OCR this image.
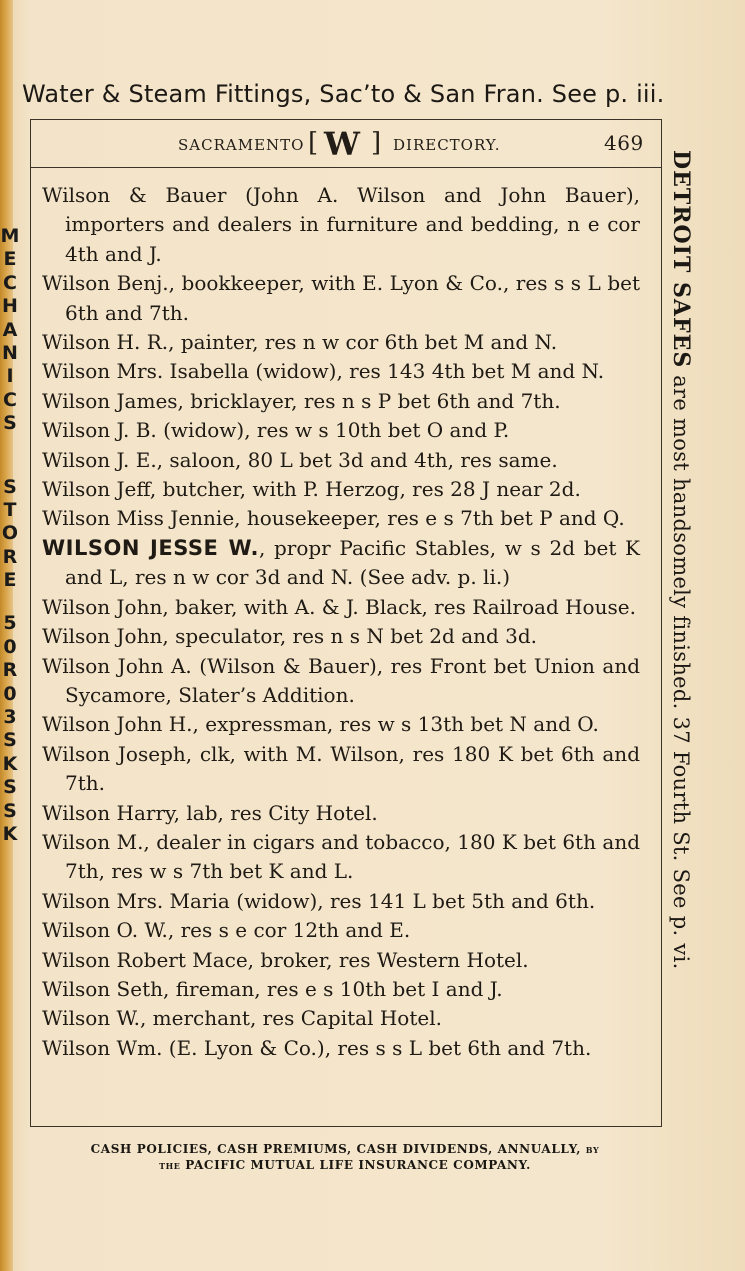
M
E
C
H
A
N
I
C
S
S
T
O
R
E
5
0
R
0
3
S
K
S
S
K
Water & Steam Fittings, Sac’to & San Fran. See p. iii.
SACRAMENTO [ W ] DIRECTORY.	469

Wilson & Bauer (John A. Wilson and John Bauer), importers and dealers in furniture and bedding, n e cor 4th and J.

Wilson Benj., bookkeeper, with E. Lyon & Co., res s s L bet 6th and 7th.

Wilson H. R., painter, res n w cor 6th bet M and N.

Wilson Mrs. Isabella (widow), res 143 4th bet M and N.

Wilson James, bricklayer, res n s P bet 6th and 7th.

Wilson J. B. (widow), res w s 10th bet O and P.

Wilson J. E., saloon, 80 L bet 3d and 4th, res same.

Wilson Jeff, butcher, with P. Herzog, res 28 J near 2d.

Wilson Miss Jennie, housekeeper, res e s 7th bet P and Q.

WILSON JESSE W., propr Pacific Stables, w s 2d bet K and L, res n w cor 3d and N. (See adv. p. li.)

Wilson John, baker, with A. & J. Black, res Railroad House.

Wilson John, speculator, res n s N bet 2d and 3d.

Wilson John A. (Wilson & Bauer), res Front bet Union and Sycamore, Slater’s Addition.

Wilson John H., expressman, res w s 13th bet N and O.

Wilson Joseph, clk, with M. Wilson, res 180 K bet 6th and 7th.

Wilson Harry, lab, res City Hotel.

Wilson M., dealer in cigars and tobacco, 180 K bet 6th and 7th, res w s 7th bet K and L.

Wilson Mrs. Maria (widow), res 141 L bet 5th and 6th.

Wilson O. W., res s e cor 12th and E.

Wilson Robert Mace, broker, res Western Hotel.

Wilson Seth, fireman, res e s 10th bet I and J.

Wilson W., merchant, res Capital Hotel.

Wilson Wm. (E. Lyon & Co.), res s s L bet 6th and 7th.

DETROIT SAFES are most handsomely finished. 37 Fourth St. See p. vi.
CASH POLICIES, CASH PREMIUMS, CASH DIVIDENDS, ANNUALLY, by
the PACIFIC MUTUAL LIFE INSURANCE COMPANY.
